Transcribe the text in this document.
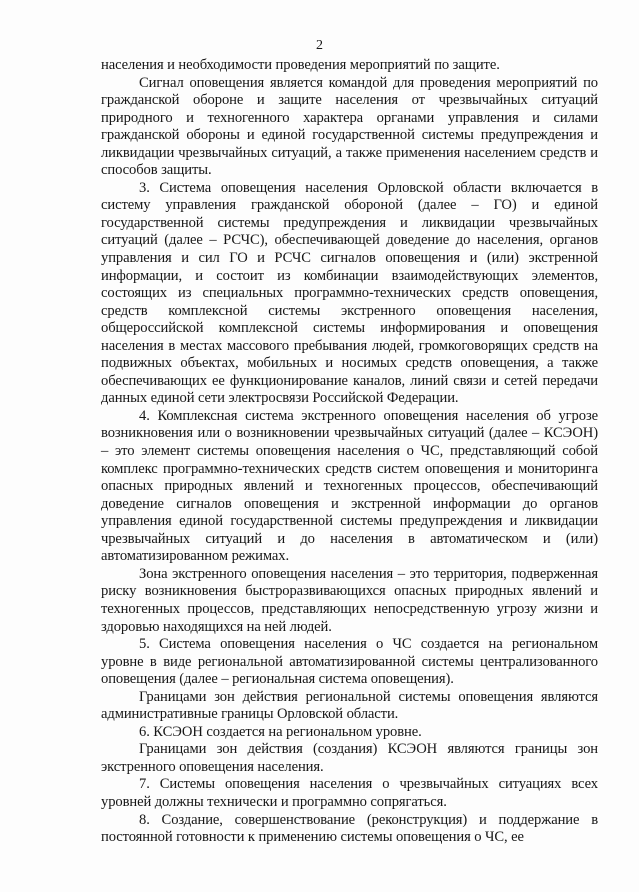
2

населения и необходимости проведения мероприятий по защите.

Сигнал оповещения является командой для проведения мероприятий по гражданской обороне и защите населения от чрезвычайных ситуаций природного и техногенного характера органами управления и силами гражданской обороны и единой государственной системы предупреждения и ликвидации чрезвычайных ситуаций, а также применения населением средств и способов защиты.

3. Система оповещения населения Орловской области включается в систему управления гражданской обороной (далее – ГО) и единой государственной системы предупреждения и ликвидации чрезвычайных ситуаций (далее – РСЧС), обеспечивающей доведение до населения, органов управления и сил ГО и РСЧС сигналов оповещения и (или) экстренной информации, и состоит из комбинации взаимодействующих элементов, состоящих из специальных программно-технических средств оповещения, средств комплексной системы экстренного оповещения населения, общероссийской комплексной системы информирования и оповещения населения в местах массового пребывания людей, громкоговорящих средств на подвижных объектах, мобильных и носимых средств оповещения, а также обеспечивающих ее функционирование каналов, линий связи и сетей передачи данных единой сети электросвязи Российской Федерации.

4. Комплексная система экстренного оповещения населения об угрозе возникновения или о возникновении чрезвычайных ситуаций (далее – КСЭОН) – это элемент системы оповещения населения о ЧС, представляющий собой комплекс программно-технических средств систем оповещения и мониторинга опасных природных явлений и техногенных процессов, обеспечивающий доведение сигналов оповещения и экстренной информации до органов управления единой государственной системы предупреждения и ликвидации чрезвычайных ситуаций и до населения в автоматическом и (или) автоматизированном режимах.

Зона экстренного оповещения населения – это территория, подверженная риску возникновения быстроразвивающихся опасных природных явлений и техногенных процессов, представляющих непосредственную угрозу жизни и здоровью находящихся на ней людей.

5. Система оповещения населения о ЧС создается на региональном уровне в виде региональной автоматизированной системы централизованного оповещения (далее – региональная система оповещения).

Границами зон действия региональной системы оповещения являются административные границы Орловской области.

6. КСЭОН создается на региональном уровне.

Границами зон действия (создания) КСЭОН являются границы зон экстренного оповещения населения.

7. Системы оповещения населения о чрезвычайных ситуациях всех уровней должны технически и программно сопрягаться.

8. Создание, совершенствование (реконструкция) и поддержание в постоянной готовности к применению системы оповещения о ЧС, ее
